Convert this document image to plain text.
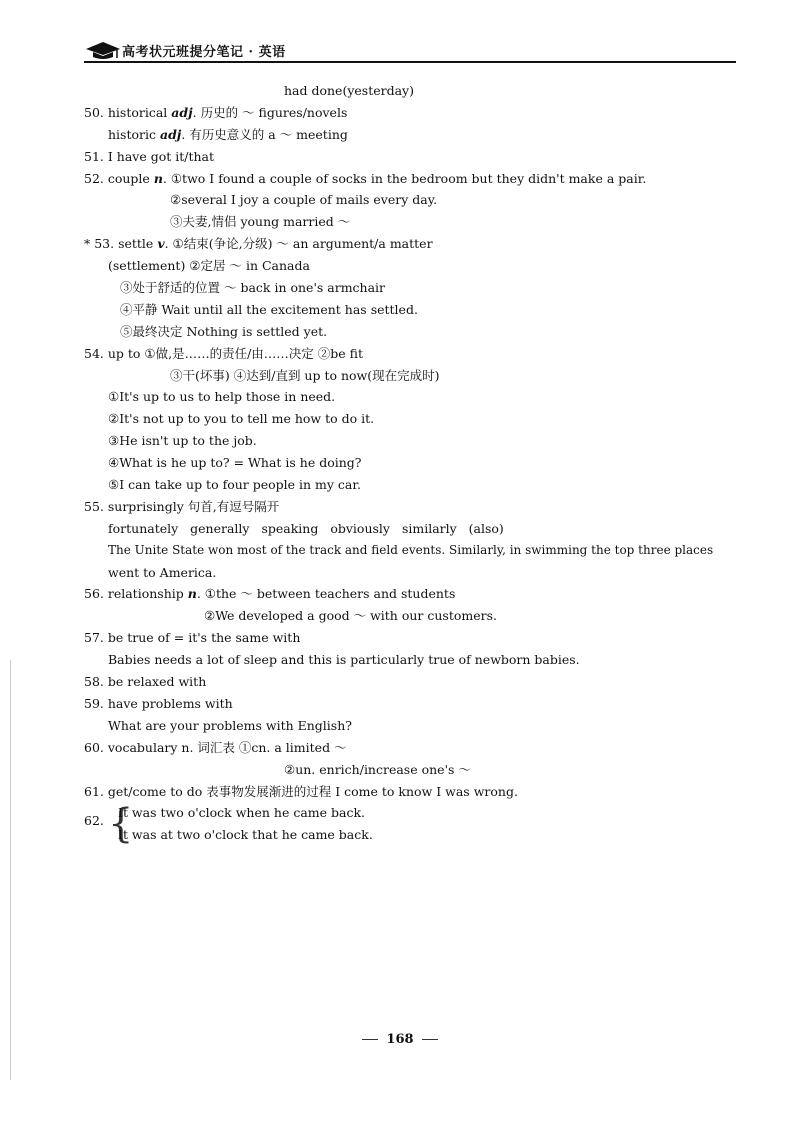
高考状元班提分笔记 · 英语
had done(yesterday)
50. historical adj. 历史的 ～ figures/novels
historic adj. 有历史意义的 a ～ meeting
51. I have got it/that
52. couple n. ①two I found a couple of socks in the bedroom but they didn't make a pair.
②several I joy a couple of mails every day.
③夫妻,情侣 young married ～
* 53. settle v. ①结束(争论,分级) ～ an argument/a matter
(settlement) ②定居 ～ in Canada
③处于舒适的位置 ～ back in one's armchair
④平静 Wait until all the excitement has settled.
⑤最终决定 Nothing is settled yet.
54. up to ①做,是……的责任/由……决定 ②be fit
③干(坏事) ④达到/直到 up to now(现在完成时)
①It's up to us to help those in need.
②It's not up to you to tell me how to do it.
③He isn't up to the job.
④What is he up to? = What is he doing?
⑤I can take up to four people in my car.
55. surprisingly 句首,有逗号隔开
fortunately generally speaking obviously similarly (also)
The Unite State won most of the track and field events. Similarly, in swimming the top three places
went to America.
56. relationship n. ①the ～ between teachers and students
②We developed a good ～ with our customers.
57. be true of = it's the same with
Babies needs a lot of sleep and this is particularly true of newborn babies.
58. be relaxed with
59. have problems with
What are your problems with English?
60. vocabulary n. 词汇表 ①cn. a limited ～
②un. enrich/increase one's ～
61. get/come to do 表事物发展渐进的过程 I come to know I was wrong.
62. {
It was two o'clock when he came back.
It was at two o'clock that he came back.
168
